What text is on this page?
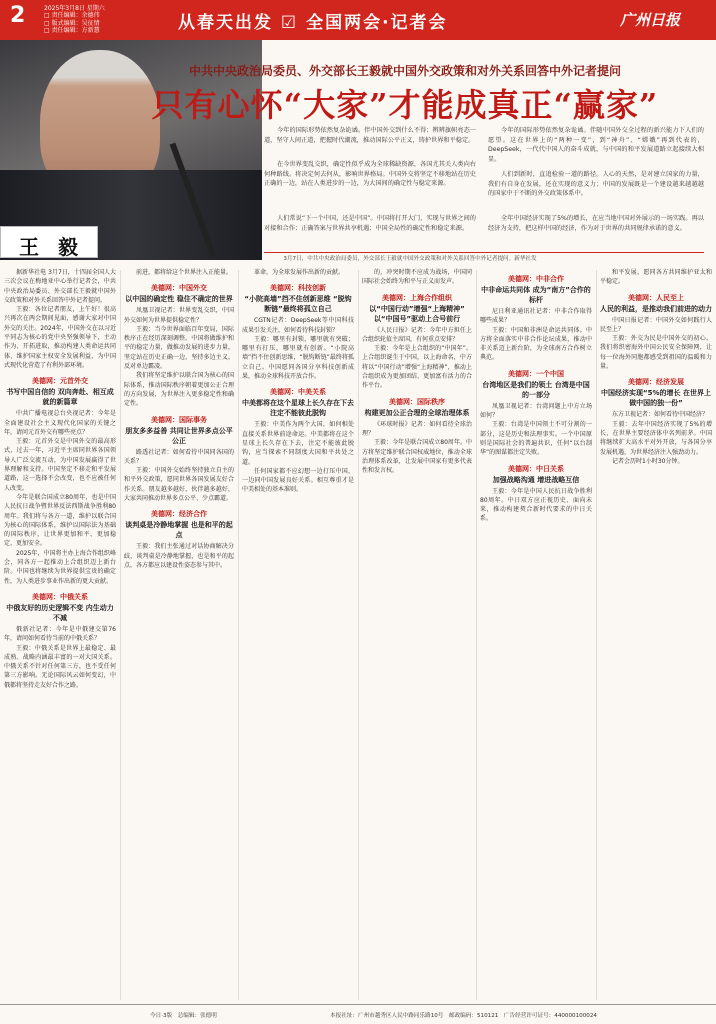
2	2025年3月8日 星期六
□ 责任编辑：余德伟
□ 版式编辑：吴征情
□ 责任编辑：方新慧	从春天出发 ☑ 全国两会·记者会	广州日报
王 毅
中共中央政治局委员、外交部长王毅就中国外交政策和对外关系回答中外记者提问
只有心怀“大家”才能成真正“赢家”
今年的国际形势依然复杂诡谲。伴中国外交到什么不得；辨辨旗帜亮态一道，坚守人间正道，把握时代潮流，推动国际公平正义，铸护世界和平稳定。
在今世界变乱交织，确定性似乎成为全球稀缺资源，各国尤其关人类向右何种路线。将决定何去何从，影响世界格局。中国外交将坚定不移地站在历史正确的一边，站在人类进步的一边，为大国间的确定性与稳定来源。
人们常说“下一个中国，还是中国”。中国将打开大门，实现与世界之间的对接和合作；正确答案与世界共享机遇；中国全局性的确定性和稳定来源。
今年的国际形势依然复杂诡谲。伴随中国外交全过程的新兴能力下人们的愿望。这在世界上的“两种一变”，到“神舟”、“嫦娥”再到代表的，DeepSeek，一代代中国人的奋斗成就，与中国的和平发展道路立起接续大相显。
人们到新时，直追检验一道的路径。人心的天然，是对建立国家的力量，我们有自身在发展，还在实现的意义力；中国的发展既是一个建设越来越越越的国家中于不断的外交政策体系中。
全年中国经济实现了5%的增长，在应当地中国对外展示的一场实践。再以经济为支持，把这样中国的经济，作为对于世界的共同规律承诺的意义。
3月7日，中共中央政治局委员，外交部长王毅就中国外交政策和对外关系回答中外记者提问。新华社发

据新华社电 3月7日，十四届全国人大三次会议在梅地亚中心举行记者会，中共中央政治局委员、外交部长王毅就中国外交政策和对外关系回答中外记者提问。

王毅：各位记者朋友，上午好！很高兴再次在两会期间见面，感谢大家对中国外交的关注。2024年，中国外交在以习近平同志为核心的党中央坚强领导下，主动作为、开拓进取，推动构建人类命运共同体，维护国家主权安全发展利益，为中国式现代化营造了有利外部环境。

美德网：元首外交
书写中国自信的 双向奔赴、相互成就的新篇章

中共广播电视总台央视记者：今年是全面建设社会主义现代化国家的关键之年，请问元首外交有哪些亮点？

王毅：元首外交是中国外交的最高形式，过去一年，习近平主席同世界各国领导人广泛交流互动，为中国发展赢得了世界理解和支持。中国坚定不移走和平发展道路，这一选择不会改变，也不应被任何人改变。

今年是联合国成立80周年，也是中国人民抗日战争暨世界反法西斯战争胜利80周年。我们将与各方一道，维护以联合国为核心的国际体系，维护以国际法为基础的国际秩序，让世界更加和平、更加稳定、更加安全。

2025年，中国将主办上海合作组织峰会，同各方一起推动上合组织迈上新台阶。中国也将继续为世界提供宝贵的确定性，为人类进步事业作出新的更大贡献。

美德网：中俄关系
中俄友好的历史逻辑不变 内生动力不减

俄新社记者：今年是中俄建交第76年，请问如何看待当前的中俄关系？

王毅：中俄关系是世界上最稳定、最成熟、战略内涵最丰富的一对大国关系。中俄关系不针对任何第三方，也不受任何第三方影响。无论国际风云如何变幻，中俄都将坚持走友好合作之路。

前进，都将给这个世界注入正能量。

美德网：中国外交
以中国的确定性 稳住不确定的世界

凤凰卫视记者：世界变乱交织，中国外交如何为世界提供稳定性？

王毅：当今世界面临百年变局，国际秩序正在经历深刻调整。中国将做维护和平的稳定力量，做推动发展的进步力量，坚定站在历史正确一边，坚持多边主义，反对单边霸凌。

我们将坚定维护以联合国为核心的国际体系，推动国际秩序朝着更加公正合理的方向发展，为世界注入更多稳定性和确定性。

美德网：国际事务
朋友多多益善 共同让世界多点公平公正

路透社记者：如何看待中国同各国的关系？

王毅：中国外交始终坚持独立自主的和平外交政策，愿同世界各国发展友好合作关系。朋友越多越好，伙伴越多越好，大家共同推动世界多点公平、少点霸道。

美德网：经济合作
谈判桌是冷静地掌握 也是和平的起点

王毅：我们主张通过对话协商解决分歧，谈判桌是冷静地掌握，也是和平的起点，各方都应以建设性姿态参与其中。

革命，为全球发展作出新的贡献。

美德网：科技创新
“小院高墙”挡不住创新思维 “脱钩断链”最终将孤立自己

CGTN记者：DeepSeek等中国科技成果引发关注，如何看待科技封锁？

王毅：哪里有封锁，哪里就有突破；哪里有打压，哪里就有创新。“小院高墙”挡不住创新思维，“脱钩断链”最终将孤立自己。中国愿同各国分享科技创新成果，推动全球科技开放合作。

美德网：中美关系
中美都将在这个星球上长久存在下去 注定不能彼此脱钩

王毅：中美作为两个大国，如何相处直接关系世界前途命运。中美都将在这个星球上长久存在下去，注定不能彼此脱钩，应当探索不同制度大国和平共处之道。

任何国家都不应幻想一边打压中国，一边同中国发展良好关系。相互尊重才是中美相处的基本准则。

的，冲突时期不应成为战场，中国同国际社会始终为和平与正义而发声。

美德网：上海合作组织
以“中国行动”增强“上海精神” 以“中国号”驱动上合号前行

《人民日报》记者：今年中方担任上合组织轮值主席国，有何重点安排？

王毅：今年是上合组织的“中国年”。上合组织诞生于中国，以上海命名，中方将以“中国行动”增强“上海精神”，推动上合组织成为更加团结、更加富有活力的合作平台。

美德网：国际秩序
构建更加公正合理的全球治理体系

《环球时报》记者：如何看待全球治理？

王毅：今年是联合国成立80周年。中方将坚定维护联合国权威地位，推动全球治理体系改革，让发展中国家有更多代表性和发言权。

美德网：中非合作
中非命运共同体 成为“南方”合作的标杆

尼日利亚通讯社记者：中非合作取得哪些成果？

王毅：中国和非洲是命运共同体。中方将全面落实中非合作论坛成果，推动中非关系迈上新台阶，为全球南方合作树立典范。

美德网：一个中国
台湾地区是我们的领土 台湾是中国的一部分

凤凰卫视记者：台湾问题上中方立场如何？

王毅：台湾是中国领土不可分割的一部分，这是历史和法理事实。一个中国原则是国际社会的普遍共识，任何“以台制华”的图谋都注定失败。

美德网：中日关系
加强战略沟通 增进战略互信

王毅：今年是中国人民抗日战争胜利80周年。中日双方应正视历史、面向未来，推动构建契合新时代要求的中日关系。

和平发展，愿同各方共同维护亚太和平稳定。

美德网：人民至上
人民的利益，是推动我们前进的动力

中国日报记者：中国外交如何践行人民至上？

王毅：外交为民是中国外交的初心。我们将织密海外中国公民安全保障网，让每一位海外同胞都感受到祖国的温暖和力量。

美德网：经济发展
中国经济实现“5%的增长 在世界上做中国的独一份”

东方卫视记者：如何看待中国经济？

王毅：去年中国经济实现了5%的增长，在世界主要经济体中名列前茅。中国将继续扩大高水平对外开放，与各国分享发展机遇，为世界经济注入强劲动力。

记者会历时1小时30分钟。

今日·3版　总编辑：张德明	本报社址：广州市越秀区人民中路同乐路10号　邮政编码：510121　广告经营许可证号：440000100024
